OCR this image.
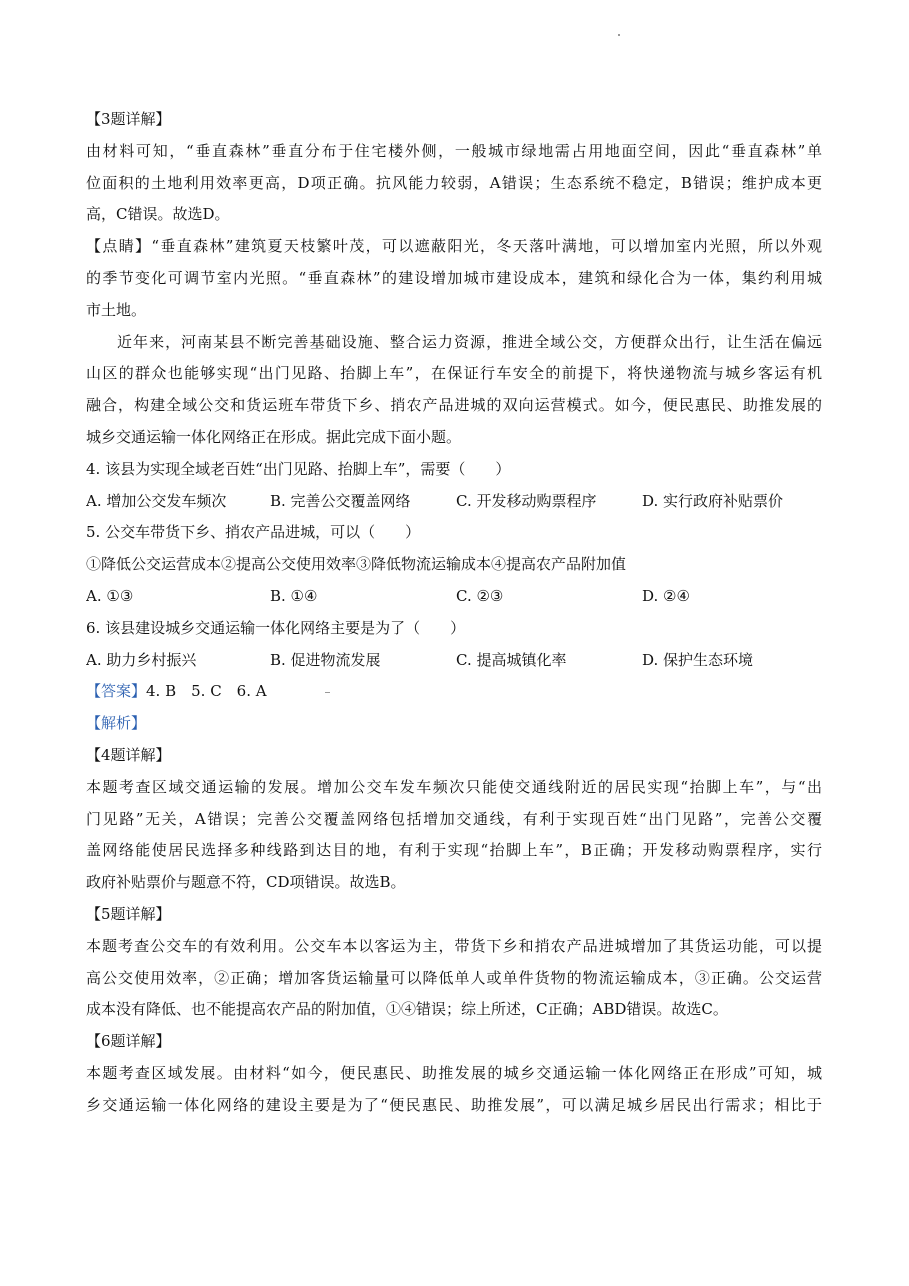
【3题详解】
由材料可知，“垂直森林”垂直分布于住宅楼外侧，一般城市绿地需占用地面空间，因此“垂直森林”单
位面积的土地利用效率更高，D项正确。抗风能力较弱，A错误；生态系统不稳定，B错误；维护成本更
高，C错误。故选D。
【点睛】“垂直森林”建筑夏天枝繁叶茂，可以遮蔽阳光，冬天落叶满地，可以增加室内光照，所以外观
的季节变化可调节室内光照。“垂直森林”的建设增加城市建设成本，建筑和绿化合为一体，集约利用城
市土地。
近年来，河南某县不断完善基础设施、整合运力资源，推进全域公交，方便群众出行，让生活在偏远
山区的群众也能够实现“出门见路、抬脚上车”，在保证行车安全的前提下，将快递物流与城乡客运有机
融合，构建全域公交和货运班车带货下乡、捎农产品进城的双向运营模式。如今，便民惠民、助推发展的
城乡交通运输一体化网络正在形成。据此完成下面小题。
4. 该县为实现全域老百姓“出门见路、抬脚上车”，需要（　　）
A. 增加公交发车频次	B. 完善公交覆盖网络	C. 开发移动购票程序	D. 实行政府补贴票价
5. 公交车带货下乡、捎农产品进城，可以（　　）
①降低公交运营成本②提高公交使用效率③降低物流运输成本④提高农产品附加值
A. ①③	B. ①④	C. ②③	D. ②④
6. 该县建设城乡交通运输一体化网络主要是为了（　　）
A. 助力乡村振兴	B. 促进物流发展	C. 提高城镇化率	D. 保护生态环境
【答案】4. B　5. C　6. A
【解析】
【4题详解】
本题考查区域交通运输的发展。增加公交车发车频次只能使交通线附近的居民实现“抬脚上车”，与“出
门见路”无关，A错误；完善公交覆盖网络包括增加交通线，有利于实现百姓“出门见路”，完善公交覆
盖网络能使居民选择多种线路到达目的地，有利于实现“抬脚上车”，B正确；开发移动购票程序，实行
政府补贴票价与题意不符，CD项错误。故选B。
【5题详解】
本题考查公交车的有效利用。公交车本以客运为主，带货下乡和捎农产品进城增加了其货运功能，可以提
高公交使用效率，②正确；增加客货运输量可以降低单人或单件货物的物流运输成本，③正确。公交运营
成本没有降低、也不能提高农产品的附加值，①④错误；综上所述，C正确；ABD错误。故选C。
【6题详解】
本题考查区域发展。由材料“如今，便民惠民、助推发展的城乡交通运输一体化网络正在形成”可知，城
乡交通运输一体化网络的建设主要是为了“便民惠民、助推发展”，可以满足城乡居民出行需求；相比于
